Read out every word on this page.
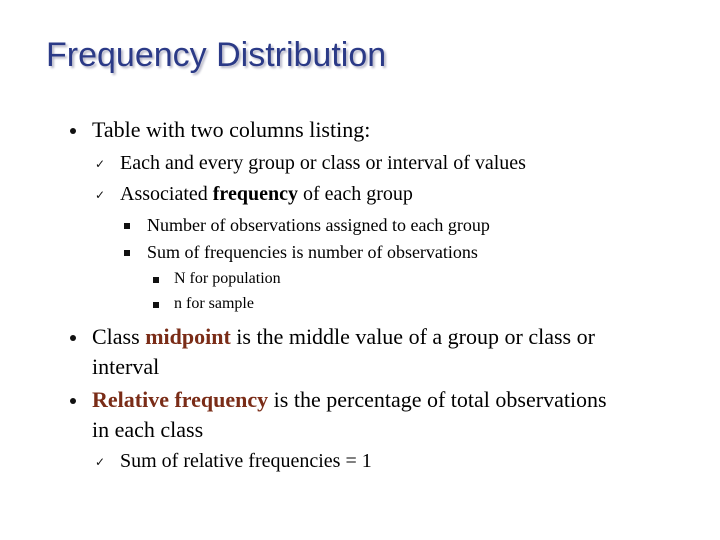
Frequency Distribution
Table with two columns listing:
✓ Each and every group or class or interval of values
✓ Associated frequency of each group
Number of observations assigned to each group
Sum of frequencies is number of observations
N for population
n for sample
Class midpoint is the middle value of a group or class or
interval
Relative frequency is the percentage of total observations
in each class
✓ Sum of relative frequencies = 1
